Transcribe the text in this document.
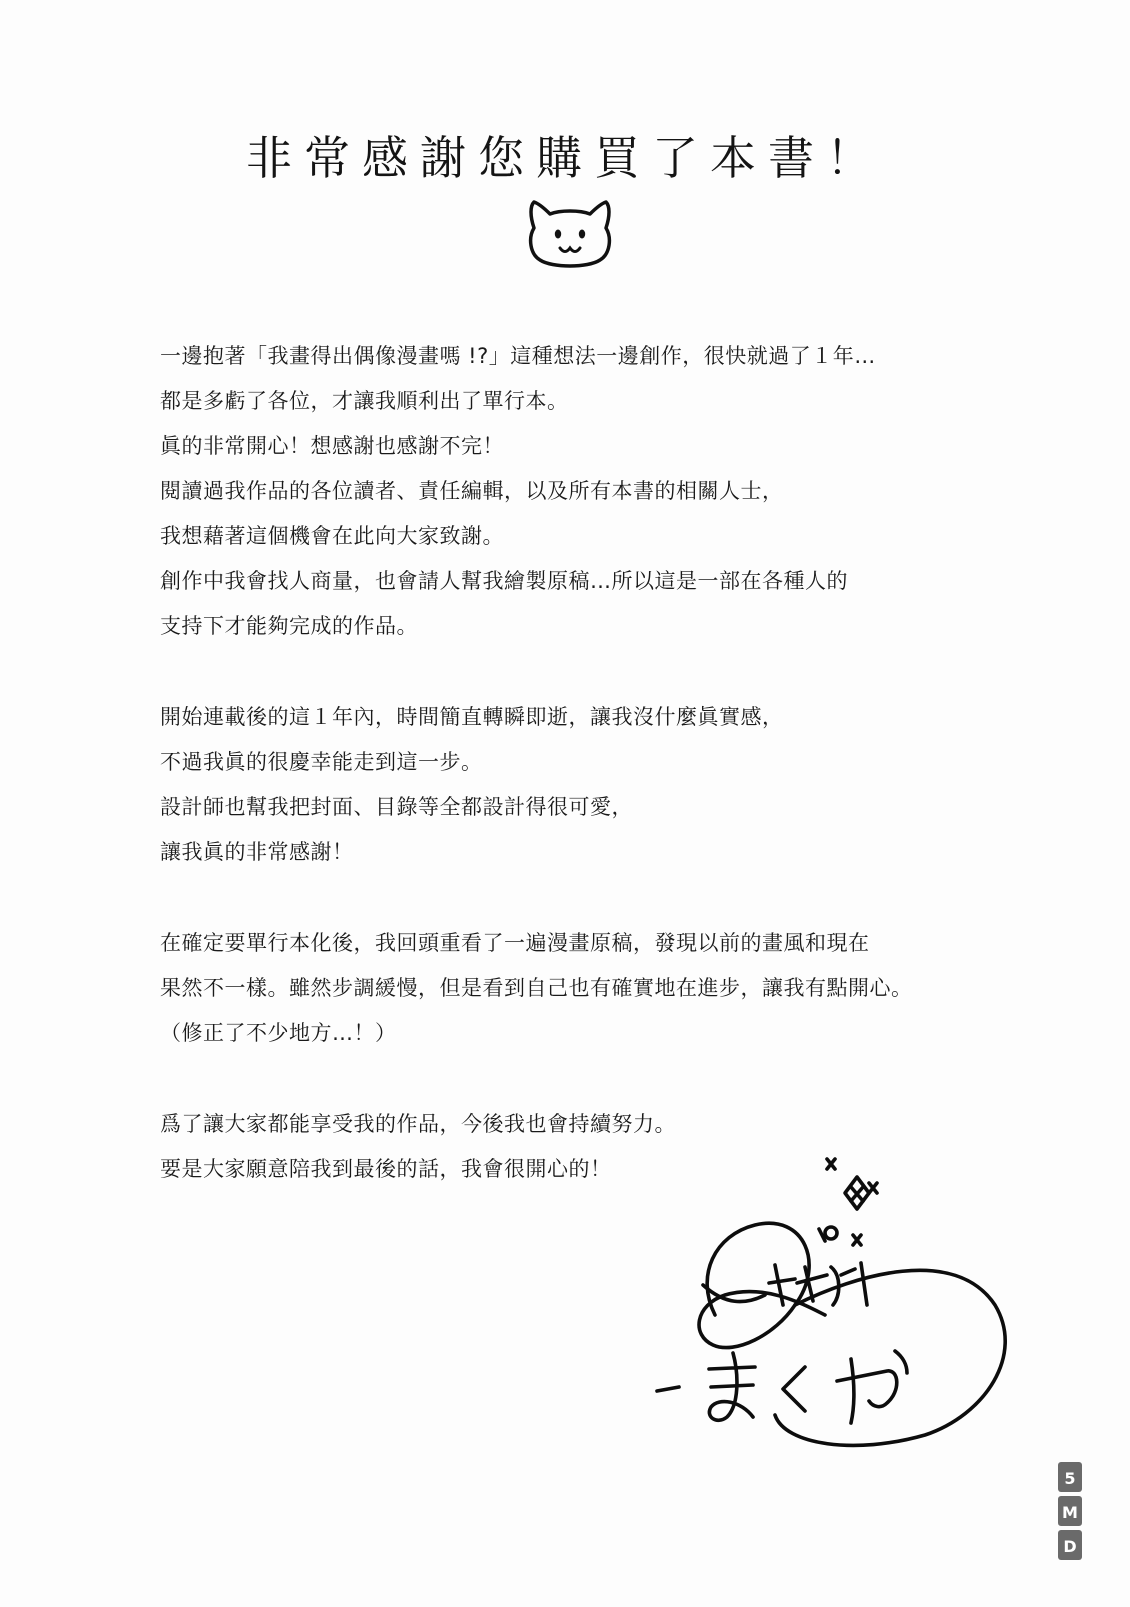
非常感謝您購買了本書！
一邊抱著「我畫得出偶像漫畫嗎 !?」這種想法一邊創作，很快就過了１年…
都是多虧了各位，才讓我順利出了單行本。
眞的非常開心！想感謝也感謝不完！
閱讀過我作品的各位讀者、責任編輯，以及所有本書的相關人士，
我想藉著這個機會在此向大家致謝。
創作中我會找人商量，也會請人幫我繪製原稿…所以這是一部在各種人的
支持下才能夠完成的作品。
開始連載後的這１年內，時間簡直轉瞬即逝，讓我沒什麼眞實感，
不過我眞的很慶幸能走到這一步。
設計師也幫我把封面、目錄等全都設計得很可愛，
讓我眞的非常感謝！
在確定要單行本化後，我回頭重看了一遍漫畫原稿，發現以前的畫風和現在
果然不一樣。雖然步調緩慢，但是看到自己也有確實地在進步，讓我有點開心。
（修正了不少地方…！）
爲了讓大家都能享受我的作品，今後我也會持續努力。
要是大家願意陪我到最後的話，我會很開心的！
D
M
5
